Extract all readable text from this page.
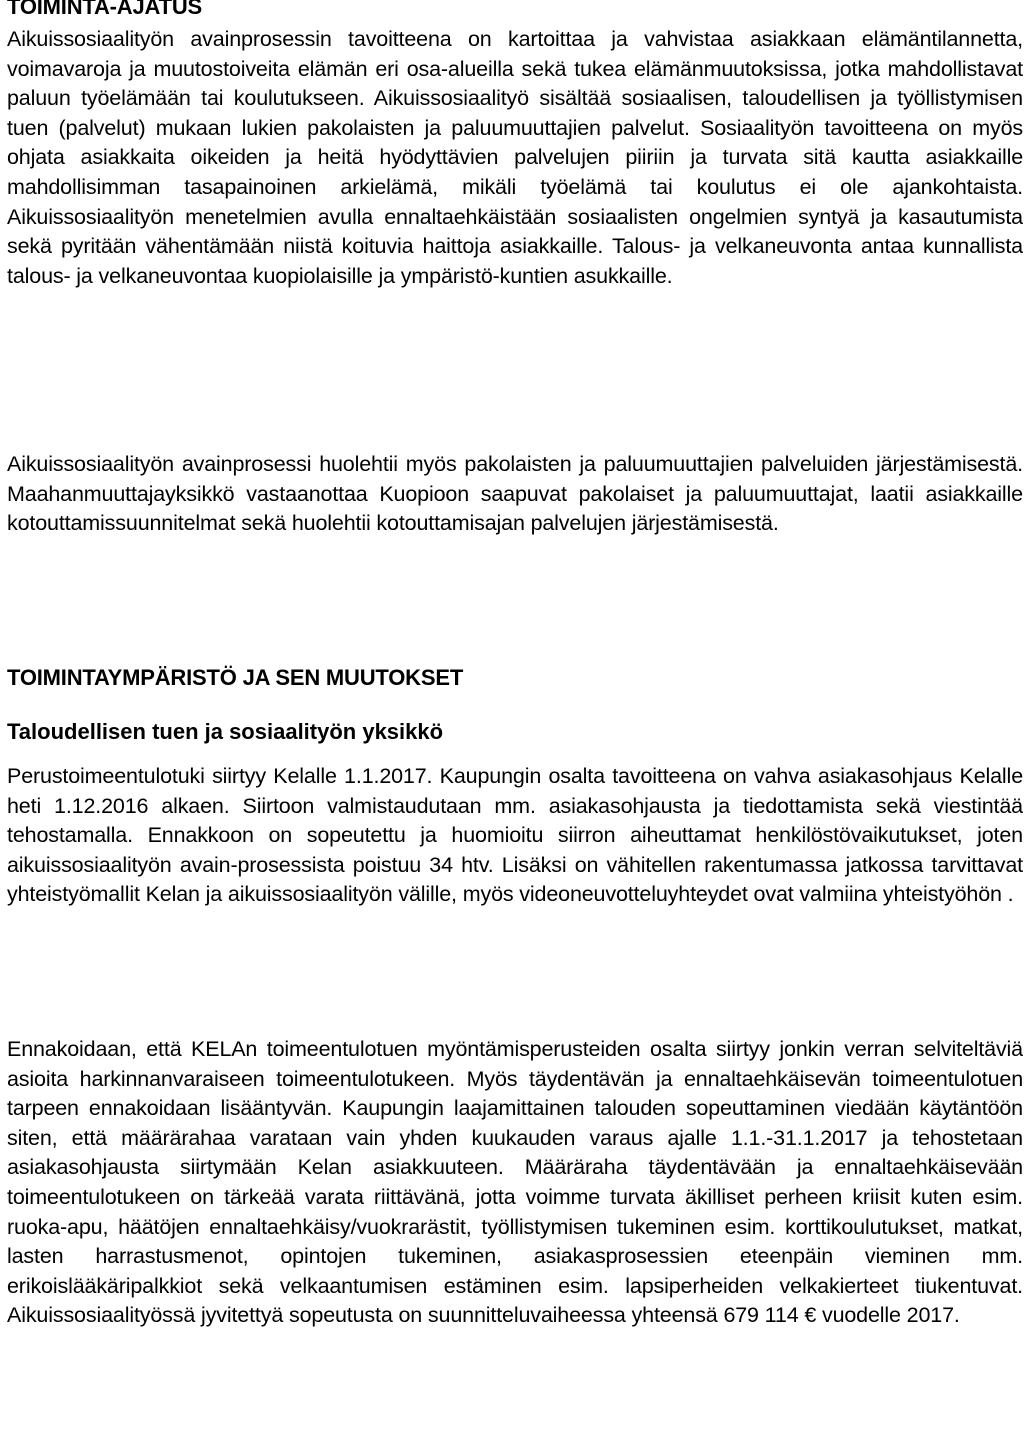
TOIMINTA-AJATUS

Aikuissosiaalityön avainprosessin tavoitteena on kartoittaa ja vahvistaa asiakkaan elämäntilannetta, voimavaroja ja muutostoiveita elämän eri osa-alueilla sekä tukea elämänmuutoksissa, jotka mahdollistavat paluun työelämään tai koulutukseen. Aikuissosiaalityö sisältää sosiaalisen, taloudellisen ja työllistymisen tuen (palvelut) mukaan lukien pakolaisten ja paluumuuttajien palvelut. Sosiaalityön tavoitteena on myös ohjata asiakkaita oikeiden ja heitä hyödyttävien palvelujen piiriin ja turvata sitä kautta asiakkaille mahdollisimman tasapainoinen arkielämä, mikäli työelämä tai koulutus ei ole ajankohtaista. Aikuissosiaalityön menetelmien avulla ennaltaehkäistään sosiaalisten ongelmien syntyä ja kasautumista sekä pyritään vähentämään niistä koituvia haittoja asiakkaille. Talous- ja velkaneuvonta antaa kunnallista talous- ja velkaneuvontaa kuopiolaisille ja ympäristö-kuntien asukkaille.

Aikuissosiaalityön avainprosessi huolehtii myös pakolaisten ja paluumuuttajien palveluiden järjestämisestä. Maahanmuuttajayksikkö vastaanottaa Kuopioon saapuvat pakolaiset ja paluumuuttajat, laatii asiakkaille kotouttamissuunnitelmat sekä huolehtii kotouttamisajan palvelujen järjestämisestä.

TOIMINTAYMPÄRISTÖ JA SEN MUUTOKSET
Taloudellisen tuen ja sosiaalityön yksikkö

Perustoimeentulotuki siirtyy Kelalle 1.1.2017. Kaupungin osalta tavoitteena on vahva asiakasohjaus Kelalle heti 1.12.2016 alkaen. Siirtoon valmistaudutaan mm. asiakasohjausta ja tiedottamista sekä viestintää tehostamalla. Ennakkoon on sopeutettu ja huomioitu siirron aiheuttamat henkilöstövaikutukset, joten aikuissosiaalityön avain-prosessista poistuu 34 htv. Lisäksi on vähitellen rakentumassa jatkossa tarvittavat yhteistyömallit Kelan ja aikuissosiaalityön välille, myös videoneuvotteluyhteydet ovat valmiina yhteistyöhön .

Ennakoidaan, että KELAn toimeentulotuen myöntämisperusteiden osalta siirtyy jonkin verran selviteltäviä asioita harkinnanvaraiseen toimeentulotukeen. Myös täydentävän ja ennaltaehkäisevän toimeentulotuen tarpeen ennakoidaan lisääntyvän. Kaupungin laajamittainen talouden sopeuttaminen viedään käytäntöön siten, että määrärahaa varataan vain yhden kuukauden varaus ajalle 1.1.-31.1.2017 ja tehostetaan asiakasohjausta siirtymään Kelan asiakkuuteen. Määräraha täydentävään ja ennaltaehkäisevään toimeentulotukeen on tärkeää varata riittävänä, jotta voimme turvata äkilliset perheen kriisit kuten esim. ruoka-apu, häätöjen ennaltaehkäisy/vuokrarästit, työllistymisen tukeminen esim. korttikoulutukset, matkat, lasten harrastusmenot, opintojen tukeminen, asiakasprosessien eteenpäin vieminen mm. erikoislääkäripalkkiot sekä velkaantumisen estäminen esim. lapsiperheiden velkakierteet tiukentuvat. Aikuissosiaalityössä jyvitettyä sopeutusta on suunnitteluvaiheessa yhteensä 679 114 € vuodelle 2017.
